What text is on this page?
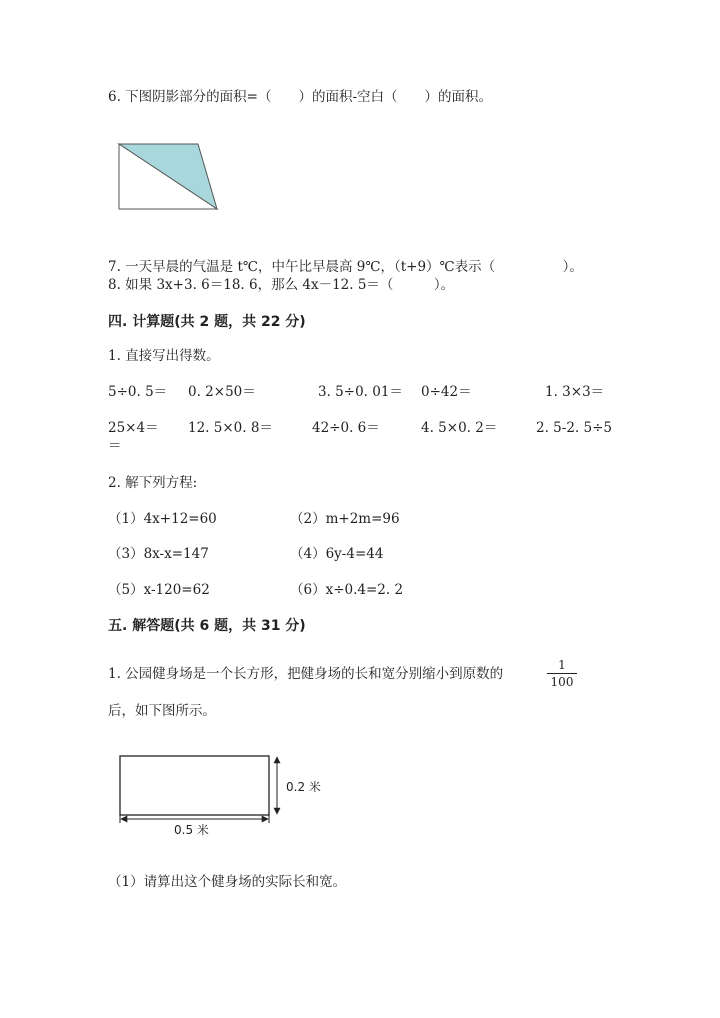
6. 下图阴影部分的面积=（　　）的面积-空白（　　）的面积。
7. 一天早晨的气温是 t℃，中午比早晨高 9℃，（t+9）℃表示（　　　　　）。
8. 如果 3x+3. 6＝18. 6，那么 4x－12. 5＝（　　　）。
四. 计算题(共 2 题，共 22 分)
1. 直接写出得数。
5÷0. 5＝ 0. 2×50＝	3. 5÷0. 01＝ 0÷42＝	1. 3×3＝
25×4＝ 12. 5×0. 8＝	42÷0. 6＝	4. 5×0. 2＝	2. 5-2. 5÷5
＝
2. 解下列方程:
（1）4x+12=60	（2）m+2m=96
（3）8x-x=147	（4）6y-4=44
（5）x-120=62	（6）x÷0.4=2. 2
五. 解答题(共 6 题，共 31 分)
1. 公园健身场是一个长方形，把健身场的长和宽分别缩小到原数的
1
100
后，如下图所示。
0.2 米
0.5 米
（1）请算出这个健身场的实际长和宽。
